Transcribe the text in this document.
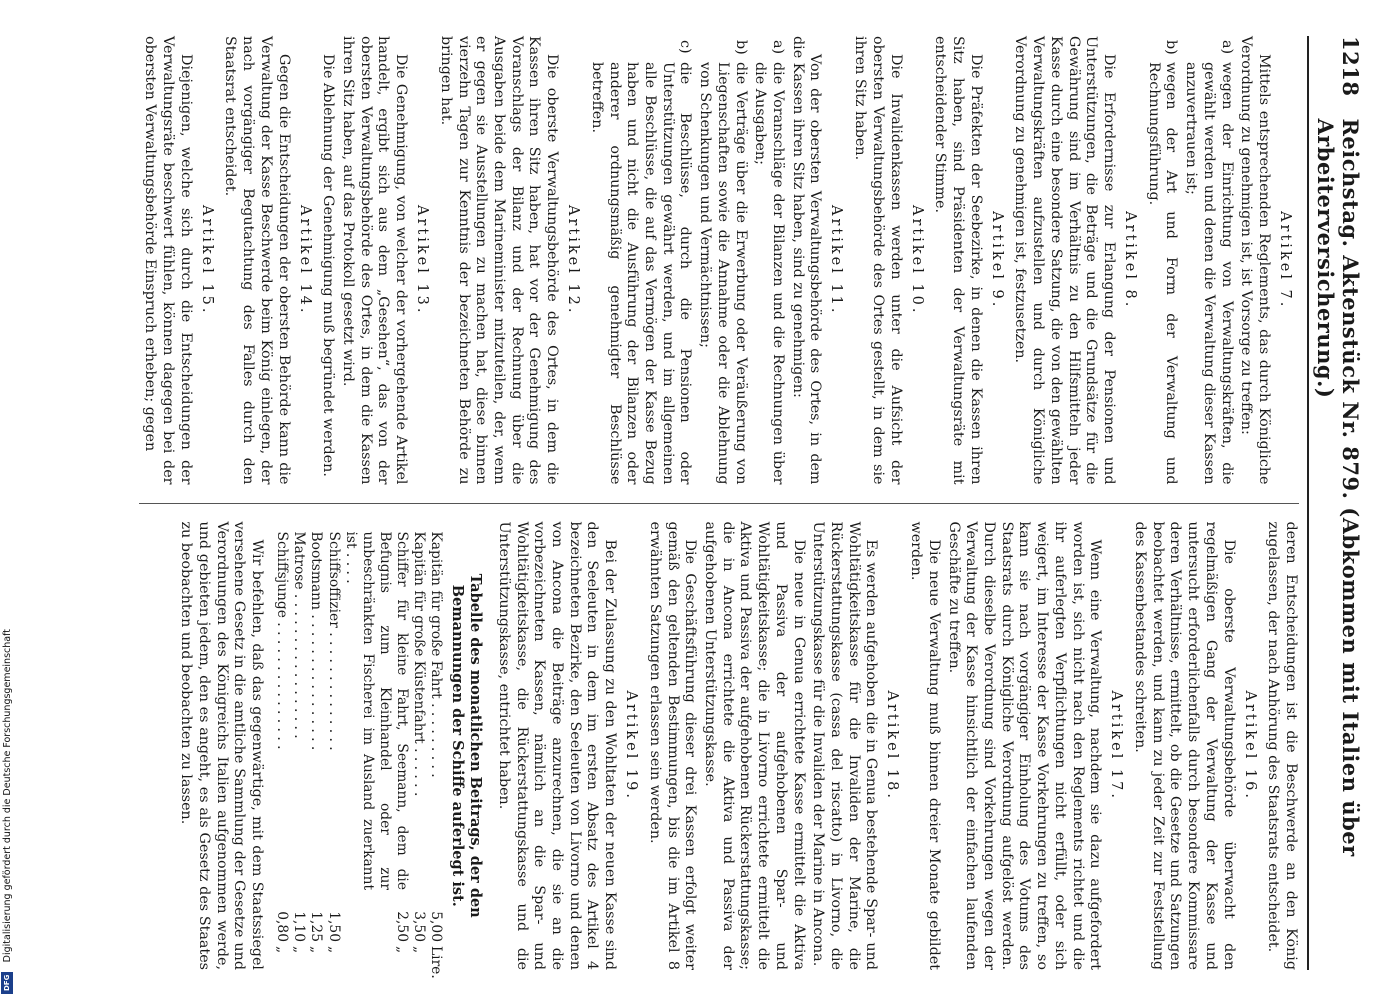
Digitalisierung gefördert durch die Deutsche Forschungsgemeinschaft
DFG
1218
Reichstag. Aktenstück Nr. 879. (Abkommen mit Italien über Arbeiterversicherung.)
Artikel 7.

Mittels entsprechenden Reglements, das durch Königliche Verordnung zu genehmigen ist, ist Vorsorge zu treffen:

a)
wegen der Einrichtung von Verwaltungskräften, die gewählt werden und denen die Verwaltung dieser Kassen anzuvertrauen ist;

b)
wegen der Art und Form der Verwaltung und Rechnungsführung.

Artikel 8.

Die Erfordernisse zur Erlangung der Pensionen und Unterstützungen, die Beträge und die Grundsätze für die Gewährung sind im Verhältnis zu den Hilfsmitteln jeder Kasse durch eine besondere Satzung, die von den gewählten Verwaltungskräften aufzustellen und durch Königliche Verordnung zu genehmigen ist, festzusetzen.

Artikel 9.

Die Präfekten der Seebezirke, in denen die Kassen ihren Sitz haben, sind Präsidenten der Verwaltungsräte mit entscheidender Stimme.

Artikel 10.

Die Invalidenkassen werden unter die Aufsicht der obersten Verwaltungsbehörde des Ortes gestellt, in dem sie ihren Sitz haben.

Artikel 11.

Von der obersten Verwaltungsbehörde des Ortes, in dem die Kassen ihren Sitz haben, sind zu genehmigen:

a)
die Voranschläge der Bilanzen und die Rechnungen über die Ausgaben;

b)
die Verträge über die Erwerbung oder Veräußerung von Liegenschaften sowie die Annahme oder die Ablehnung von Schenkungen und Vermächtnissen;

c)
die Beschlüsse, durch die Pensionen oder Unterstützungen gewährt werden, und im allgemeinen alle Beschlüsse, die auf das Vermögen der Kasse Bezug haben und nicht die Ausführung der Bilanzen oder anderer ordnungsmäßig genehmigter Beschlüsse betreffen.

Artikel 12.

Die oberste Verwaltungsbehörde des Ortes, in dem die Kassen ihren Sitz haben, hat vor der Genehmigung des Voranschlags der Bilanz und der Rechnung über die Ausgaben beide dem Marineminister mitzuteilen, der, wenn er gegen sie Ausstellungen zu machen hat, diese binnen vierzehn Tagen zur Kenntnis der bezeichneten Behörde zu bringen hat.

Artikel 13.

Die Genehmigung, von welcher der vorhergehende Artikel handelt, ergibt sich aus dem „Gesehen“, das von der obersten Verwaltungsbehörde des Ortes, in dem die Kassen ihren Sitz haben, auf das Protokoll gesetzt wird.

Die Ablehnung der Genehmigung muß begründet werden.

Artikel 14.

Gegen die Entscheidungen der obersten Behörde kann die Verwaltung der Kasse Beschwerde beim König einlegen, der nach vorgängiger Begutachtung des Falles durch den Staatsrat entscheidet.

Artikel 15.

Diejenigen, welche sich durch die Entscheidungen der Verwaltungsräte beschwert fühlen, können dagegen bei der obersten Verwaltungsbehörde Einspruch erheben; gegen

deren Entscheidungen ist die Beschwerde an den König zugelassen, der nach Anhörung des Staatsrats entscheidet.

Artikel 16.

Die oberste Verwaltungsbehörde überwacht den regelmäßigen Gang der Verwaltung der Kasse und untersucht erforderlichenfalls durch besondere Kommissare deren Verhältnisse, ermittelt, ob die Gesetze und Satzungen beobachtet werden, und kann zu jeder Zeit zur Feststellung des Kassenbestandes schreiten.

Artikel 17.

Wenn eine Verwaltung, nachdem sie dazu aufgefordert worden ist, sich nicht nach den Reglements richtet und die ihr auferlegten Verpflichtungen nicht erfüllt, oder sich weigert, im Interesse der Kasse Vorkehrungen zu treffen, so kann sie nach vorgängiger Einholung des Votums des Staatsrats durch Königliche Verordnung aufgelöst werden. Durch dieselbe Verordnung sind Vorkehrungen wegen der Verwaltung der Kasse hinsichtlich der einfachen laufenden Geschäfte zu treffen.

Die neue Verwaltung muß binnen dreier Monate gebildet werden.

Artikel 18.

Es werden aufgehoben die in Genua bestehende Spar- und Wohltätigkeitskasse für die Invaliden der Marine, die Rückerstattungskasse (cassa del riscatto) in Livorno, die Unterstützungskasse für die Invaliden der Marine in Ancona.

Die neue in Genua errichtete Kasse ermittelt die Aktiva und Passiva der aufgehobenen Spar- und Wohltätigkeitskasse; die in Livorno errichtete ermittelt die Aktiva und Passiva der aufgehobenen Rückerstattungskasse; die in Ancona errichtete die Aktiva und Passiva der aufgehobenen Unterstützungskasse.

Die Geschäftsführung dieser drei Kassen erfolgt weiter gemäß den geltenden Bestimmungen, bis die im Artikel 8 erwähnten Satzungen erlassen sein werden.

Artikel 19.

Bei der Zulassung zu den Wohltaten der neuen Kasse sind den Seeleuten in dem im ersten Absatz des Artikel 4 bezeichneten Bezirke, den Seeleuten von Livorno und denen von Ancona die Beiträge anzurechnen, die sie an die vorbezeichneten Kassen, nämlich an die Spar- und Wohltätigkeitskasse, die Rückerstattungskasse und die Unterstützungskasse, entrichtet haben.

Tabelle des monatlichen Beitrags, der den Bemannungen der Schiffe auferlegt ist.
Kapitän für große Fahrt . . . . . . . . .	5,00	Lire.
Kapitän für große Küstenfahrt . . . . . .	3,50	„
Schiffer für kleine Fahrt, Seemann, dem die Befugnis zum Kleinhandel oder zur unbeschränkten Fischerei im Ausland zuerkannt ist . . . .	2,50	„
Schiffsoffizier . . . . . . . . . . . . . .	1,50	„
Bootsmann . . . . . . . . . . . . . . . .	1,25	„
Matrose . . . . . . . . . . . . . . . . .	1,10	„
Schiffsjunge . . . . . . . . . . . . . . .	0,80	„

Wir befehlen, daß das gegenwärtige, mit dem Staatssiegel versehene Gesetz in die amtliche Sammlung der Gesetze und Verordnungen des Königreichs Italien aufgenommen werde, und gebieten jedem, den es angeht, es als Gesetz des Staates zu beobachten und beobachten zu lassen.
